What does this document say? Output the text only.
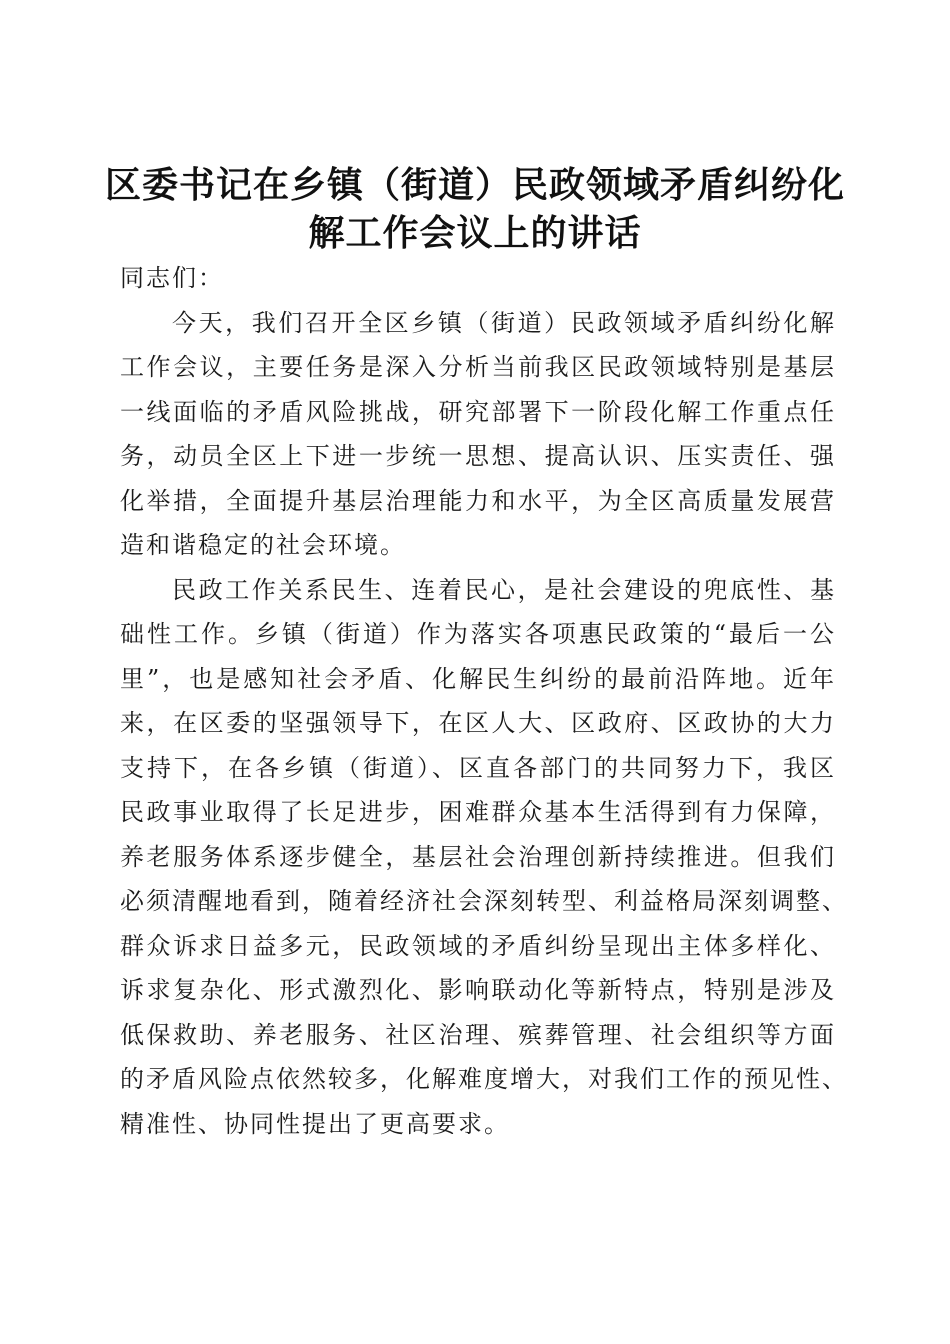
区委书记在乡镇（街道）民政领域矛盾纠纷化
解工作会议上的讲话

同志们：

今天，我们召开全区乡镇（街道）民政领域矛盾纠纷化解
工作会议，主要任务是深入分析当前我区民政领域特别是基层
一线面临的矛盾风险挑战，研究部署下一阶段化解工作重点任
务，动员全区上下进一步统一思想、提高认识、压实责任、强
化举措，全面提升基层治理能力和水平，为全区高质量发展营
造和谐稳定的社会环境。

民政工作关系民生、连着民心，是社会建设的兜底性、基
础性工作。乡镇（街道）作为落实各项惠民政策的“最后一公
里”，也是感知社会矛盾、化解民生纠纷的最前沿阵地。近年
来，在区委的坚强领导下，在区人大、区政府、区政协的大力
支持下，在各乡镇（街道）、区直各部门的共同努力下，我区
民政事业取得了长足进步，困难群众基本生活得到有力保障，
养老服务体系逐步健全，基层社会治理创新持续推进。但我们
必须清醒地看到，随着经济社会深刻转型、利益格局深刻调整、
群众诉求日益多元，民政领域的矛盾纠纷呈现出主体多样化、
诉求复杂化、形式激烈化、影响联动化等新特点，特别是涉及
低保救助、养老服务、社区治理、殡葬管理、社会组织等方面
的矛盾风险点依然较多，化解难度增大，对我们工作的预见性、
精准性、协同性提出了更高要求。
